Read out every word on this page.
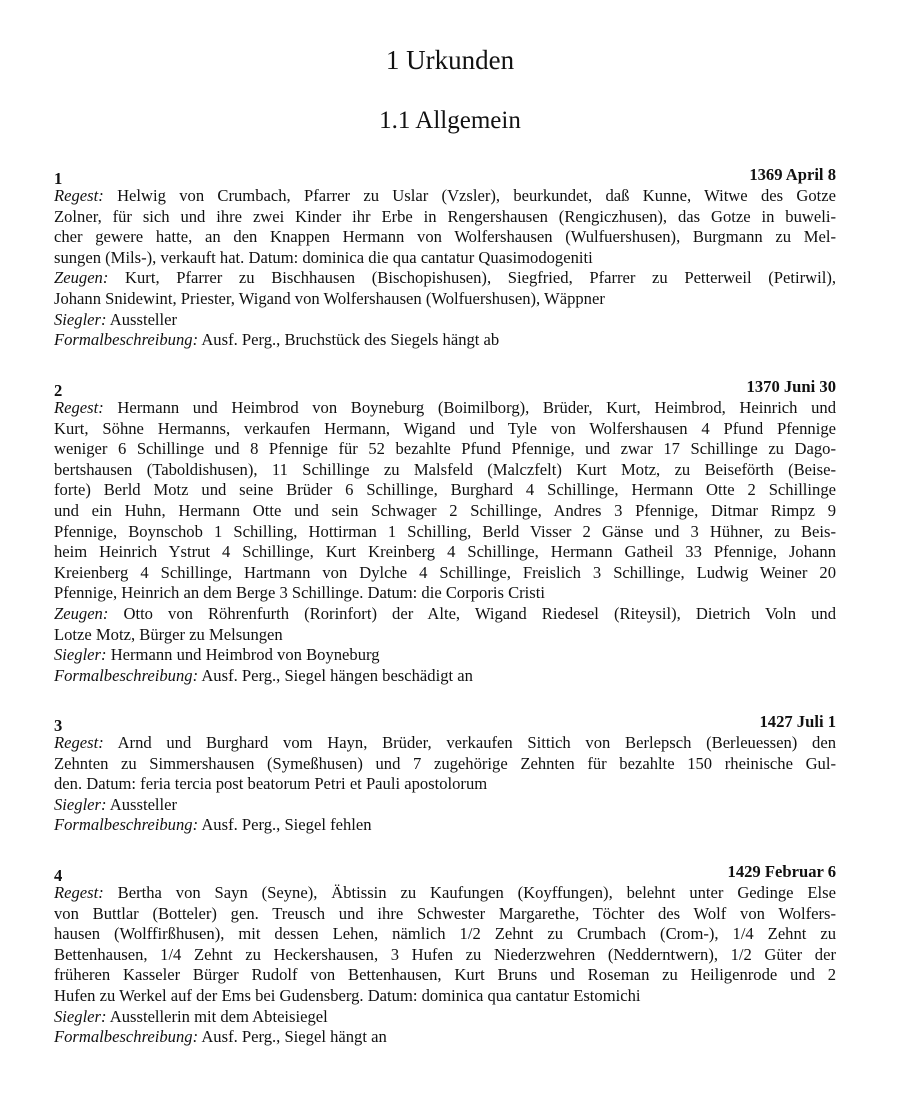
1 Urkunden
1.1 Allgemein
1	1369 April 8
Regest: Helwig von Crumbach, Pfarrer zu Uslar (Vzsler), beurkundet, daß Kunne, Witwe des Gotze
Zolner, für sich und ihre zwei Kinder ihr Erbe in Rengershausen (Rengiczhusen), das Gotze in buweli-
cher gewere hatte, an den Knappen Hermann von Wolfershausen (Wulfuershusen), Burgmann zu Mel-
sungen (Mils-), verkauft hat. Datum: dominica die qua cantatur Quasimodogeniti
Zeugen: Kurt, Pfarrer zu Bischhausen (Bischopishusen), Siegfried, Pfarrer zu Petterweil (Petirwil),
Johann Snidewint, Priester, Wigand von Wolfershausen (Wolfuershusen), Wäppner
Siegler: Aussteller
Formalbeschreibung: Ausf. Perg., Bruchstück des Siegels hängt ab
2	1370 Juni 30
Regest: Hermann und Heimbrod von Boyneburg (Boimilborg), Brüder, Kurt, Heimbrod, Heinrich und
Kurt, Söhne Hermanns, verkaufen Hermann, Wigand und Tyle von Wolfershausen 4 Pfund Pfennige
weniger 6 Schillinge und 8 Pfennige für 52 bezahlte Pfund Pfennige, und zwar 17 Schillinge zu Dago-
bertshausen (Taboldishusen), 11 Schillinge zu Malsfeld (Malczfelt) Kurt Motz, zu Beiseförth (Beise-
forte) Berld Motz und seine Brüder 6 Schillinge, Burghard 4 Schillinge, Hermann Otte 2 Schillinge
und ein Huhn, Hermann Otte und sein Schwager 2 Schillinge, Andres 3 Pfennige, Ditmar Rimpz 9
Pfennige, Boynschob 1 Schilling, Hottirman 1 Schilling, Berld Visser 2 Gänse und 3 Hühner, zu Beis-
heim Heinrich Ystrut 4 Schillinge, Kurt Kreinberg 4 Schillinge, Hermann Gatheil 33 Pfennige, Johann
Kreienberg 4 Schillinge, Hartmann von Dylche 4 Schillinge, Freislich 3 Schillinge, Ludwig Weiner 20
Pfennige, Heinrich an dem Berge 3 Schillinge. Datum: die Corporis Cristi
Zeugen: Otto von Röhrenfurth (Rorinfort) der Alte, Wigand Riedesel (Riteysil), Dietrich Voln und
Lotze Motz, Bürger zu Melsungen
Siegler: Hermann und Heimbrod von Boyneburg
Formalbeschreibung: Ausf. Perg., Siegel hängen beschädigt an
3	1427 Juli 1
Regest: Arnd und Burghard vom Hayn, Brüder, verkaufen Sittich von Berlepsch (Berleuessen) den
Zehnten zu Simmershausen (Symeßhusen) und 7 zugehörige Zehnten für bezahlte 150 rheinische Gul-
den. Datum: feria tercia post beatorum Petri et Pauli apostolorum
Siegler: Aussteller
Formalbeschreibung: Ausf. Perg., Siegel fehlen
4	1429 Februar 6
Regest: Bertha von Sayn (Seyne), Äbtissin zu Kaufungen (Koyffungen), belehnt unter Gedinge Else
von Buttlar (Botteler) gen. Treusch und ihre Schwester Margarethe, Töchter des Wolf von Wolfers-
hausen (Wolffirßhusen), mit dessen Lehen, nämlich 1/2 Zehnt zu Crumbach (Crom-), 1/4 Zehnt zu
Bettenhausen, 1/4 Zehnt zu Heckershausen, 3 Hufen zu Niederzwehren (Nedderntwern), 1/2 Güter der
früheren Kasseler Bürger Rudolf von Bettenhausen, Kurt Bruns und Roseman zu Heiligenrode und 2
Hufen zu Werkel auf der Ems bei Gudensberg. Datum: dominica qua cantatur Estomichi
Siegler: Ausstellerin mit dem Abteisiegel
Formalbeschreibung: Ausf. Perg., Siegel hängt an
